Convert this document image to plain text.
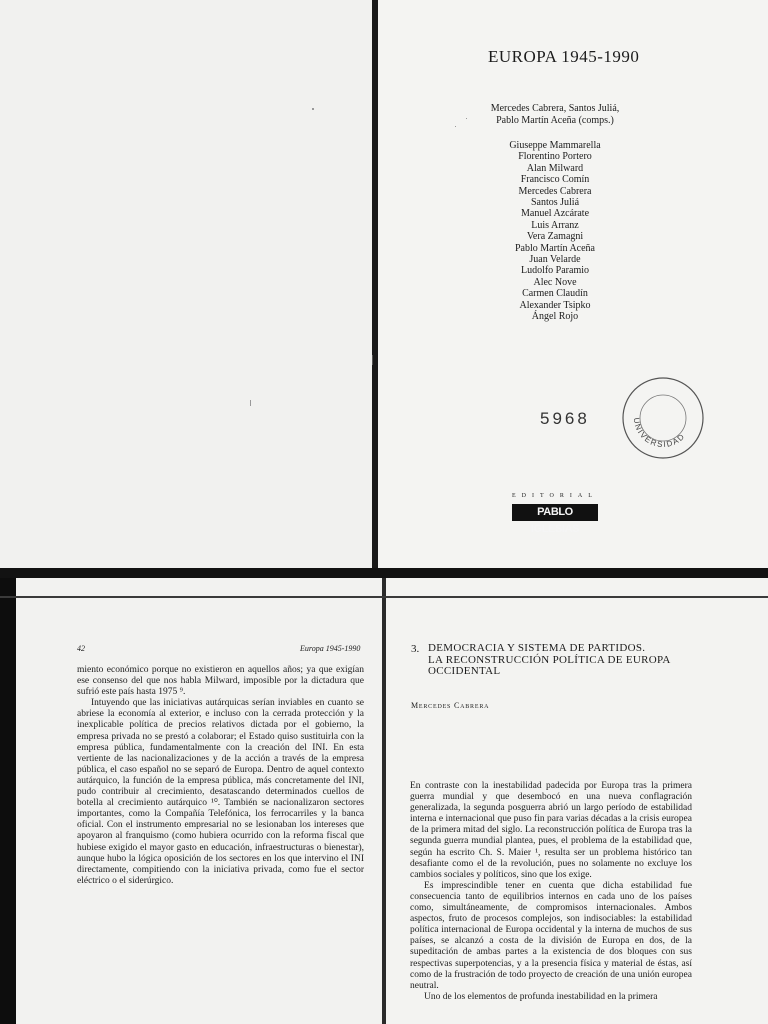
EUROPA 1945-1990
Mercedes Cabrera, Santos Juliá,
Pablo Martín Aceña (comps.)
Giuseppe Mammarella
Florentino Portero
Alan Milward
Francisco Comín
Mercedes Cabrera
Santos Juliá
Manuel Azcárate
Luis Arranz
Vera Zamagni
Pablo Martín Aceña
Juan Velarde
Ludolfo Paramio
Alec Nove
Carmen Claudín
Alexander Tsipko
Ángel Rojo
5968	UNIVERSIDAD
EDITORIAL
PABLO IGLESIAS
42	Europa 1945-1990

miento económico porque no existieron en aquellos años; ya que exigían ese consenso del que nos habla Milward, imposible por la dictadura que sufrió este país hasta 1975 ⁹.

Intuyendo que las iniciativas autárquicas serían inviables en cuanto se abriese la economía al exterior, e incluso con la cerrada protección y la inexplicable política de precios relativos dictada por el gobierno, la empresa privada no se prestó a colaborar; el Estado quiso sustituirla con la empresa pública, fundamentalmente con la creación del INI. En esta vertiente de las nacionalizaciones y de la acción a través de la empresa pública, el caso español no se separó de Europa. Dentro de aquel contexto autárquico, la función de la empresa pública, más concretamente del INI, pudo contribuir al crecimiento, desatascando determinados cuellos de botella al crecimiento autárquico ¹⁰. También se nacionalizaron sectores importantes, como la Compañía Telefónica, los ferrocarriles y la banca oficial. Con el instrumento empresarial no se lesionaban los intereses que apoyaron al franquismo (como hubiera ocurrido con la reforma fiscal que hubiese exigido el mayor gasto en educación, infraestructuras o bienestar), aunque hubo la lógica oposición de los sectores en los que intervino el INI directamente, compitiendo con la iniciativa privada, como fue el sector eléctrico o el siderúrgico.

3. DEMOCRACIA Y SISTEMA DE PARTIDOS.
LA RECONSTRUCCIÓN POLÍTICA DE EUROPA
OCCIDENTAL
Mercedes Cabrera

En contraste con la inestabilidad padecida por Europa tras la primera guerra mundial y que desembocó en una nueva conflagración generalizada, la segunda posguerra abrió un largo período de estabilidad interna e internacional que puso fin para varias décadas a la crisis europea de la primera mitad del siglo. La reconstrucción política de Europa tras la segunda guerra mundial plantea, pues, el problema de la estabilidad que, según ha escrito Ch. S. Maier ¹, resulta ser un problema histórico tan desafiante como el de la revolución, pues no solamente no excluye los cambios sociales y políticos, sino que los exige.

Es imprescindible tener en cuenta que dicha estabilidad fue consecuencia tanto de equilibrios internos en cada uno de los países como, simultáneamente, de compromisos internacionales. Ambos aspectos, fruto de procesos complejos, son indisociables: la estabilidad política internacional de Europa occidental y la interna de muchos de sus países, se alcanzó a costa de la división de Europa en dos, de la supeditación de ambas partes a la existencia de dos bloques con sus respectivas superpotencias, y a la presencia física y material de éstas, así como de la frustración de todo proyecto de creación de una unión europea neutral.

Uno de los elementos de profunda inestabilidad en la primera
